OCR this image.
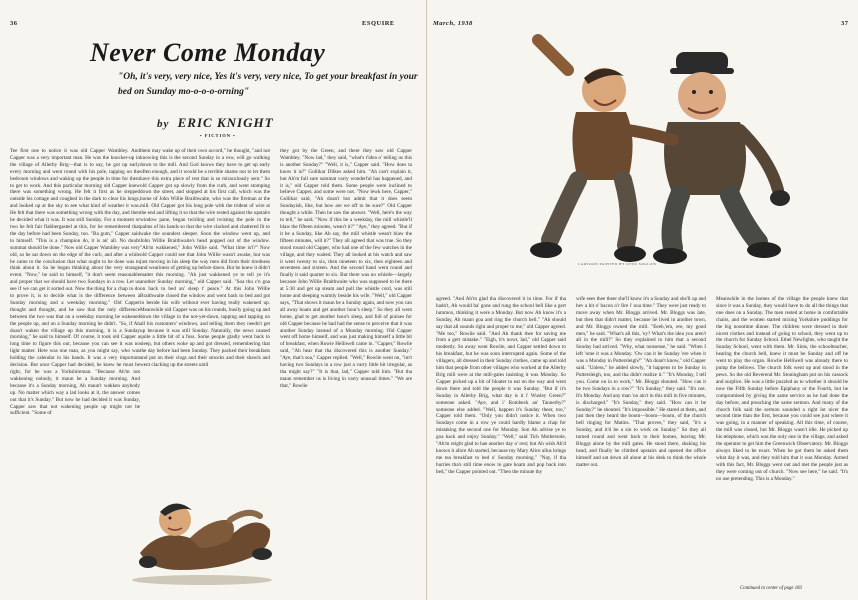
36	ESQUIRE
Never Come Monday
"Oh, it's very, very nice, Yes it's very, very nice, To get your breakfast in your bed on Sunday mo-o-o-o-orning"
by ERIC KNIGHT
• FICTION •
Tee first one to notice it was old Capper Wambley. And Capper was a very important man. He was the knocker-up in the village of Allerby Brig—that is to say, he got up early every morning and went round with his pole, tapping on the bedroom windows and waking up the people in time for them to get to work. And this particular morning old Capper knew there was something wrong. He felt it first as he stepped outside his cottage and coughed in the dark to clear his lungs, and looked up at the sky to see what kind of weather it was. He felt that there was something wrong with the day, and then he decided what it was. It was still Sunday. For a moment or two he felt fair flabbergasted at this, for he remembered that the day before had been Sunday, too. "Ba gum," Capper said to himself. "This is a champion do, it is an' all. No doubt summat should be done." Now old Capper Wambley was very old, so he sat down on the edge of the curb, and after a while he came to the conclusion that what ought to be done was to think about it. So he began thinking about the very strange event. "Now," he said to himself, "it don't seem reasonable and proper that we should have two Sundays in a row. Let us see if we can get it sorted out. Now the thing for a chap to do to prove it, is to decide what is the difference between a Sunday morning and a weekday morning." Old Capper thought and thought, and he saw that the only difference between the two was that on a weekday morning he wakened the people up, and on a Sunday morning he didn't. "So, if Ah doan't waken the village up this morning, it is a Sunday morning," he said to himself. Of course, it took old Capper a long time to figure this out, because you can see it was no light matter. Here was one man, as you might say, who was holding the calendar in his hands. It was a very important decision. But once Capper had decided, he knew he must be right, for he was a Yorkshireman. "Because Ah'm not wakkening nobody, it maun be a Sunday morning. And because it's a Sunday morning, Ah maun't wakken anybody up. No matter which way a lad looks at it, the answer comes out that it's Sunday." But now he had decided it was Sunday, Capper saw that not wakening people up might not be sufficient. "Some of
them may wake up of their own accord," he thought, "and not knowing this is the second Sunday in a row, will go walking down to the mill. And God knows they have to get up early often enough, and it would be a terrible shame not to let them have this extra piece of rest that is so miraculously sent." So old Capper got up slowly from the curb, and went stomping down the street, and stopped at his first call, which was the home of John Willie Braithwaite, who was the fireman at the mill. Old Capper got his long pole with the trident of wire at the end and lifting it so that the wire rested against the upstairs window pane, began twirling and twisting the pole in the palms of his hands so that the wire clacked and chattered fit to wake the soundest sleeper. Soon the window went up, and John Willie Braithwaite's head popped out of the window. "Ah'm wakkened," John Willie said. "What time is't?" Now old Capper could see that John Willie wasn't awake, but was just moving in his sleep the way men did from their tiredness and weariness of getting up before dawn. But he knew it didn't matter this morning. "Ah just wakkened ye to tell ye it's another Sunday morning," old Capper said. "Soa thu c'n goa on back to bed an' sleep t' peace." At this John Willie Braithwaite closed the window and went back to bed and got in beside his wife without ever having really wakened up. Meanwhile old Capper was on his rounds, busily going up and down the village in the not-yet-dawn, tapping and tapping on all his customers' windows, and telling them they needn't get up because it was still Sunday. Naturally, the news caused quite a little bit of a fuss. Some people gladly went back to sleep, but others woke up and got dressed, remembering that the day before had been Sunday. They packed their breakfasts and put on their clogs and their smocks and their shawls and went clacking up the streets until
they got by the Green, and there they saw old Capper Wambley. "Now lad," they said, "what's t'idea o' telling us this is another Sunday?" "Well, it is," Capper said. "How does ta know it is?" Gollikar Dilkes asked him. "Ah can't explain it, but Ah'm full sure summat varry wonderful has happened, and it is," old Capper told them. Some people were inclined to believe Capper, and some were not. "Now lewk here, Capper," Gollikar said, "Ah doan't but admit that it does seem Sundayish, like, but how are we off to be sure?" Old Capper thought a while. Then he saw the answer. "Well, here's the way to tell," he said. "Now if this be a weekday, the mill whistle'll blaw the fifteen minutes, wean't it?" "Aye," they agreed. "But if it be a Sunday, like Ah say, the mill whistle wean't blaw the fifteen minutes, will it?" They all agreed that was true. So they stood round old Capper, who had one of the few watches in the village, and they waited. They all looked at his watch and saw it went twenty to six, then nineteen to six, then eighteen and seventeen and sixteen. And the second hand went round and finally it said quarter to six. But there was no whistle—largely because John Willie Braithwaite who was supposed to be there at 5:30 and get up steam and pull the whistle cord, was still home and sleeping warmly beside his wife. "Well," old Capper says, "That shows it maun be a Sunday again, and now you can all away hoam and get another hour's sleep." So they all went home, glad to get another hour's sleep, and full of praises for old Capper because he had had the sense to perceive that it was another Sunday instead of a Monday morning. Old Capper went off home himself, and was just making himself a little bit of breakfast, when Rowie Helliwell came in. "Capper," Rowlie said, "Ah hear that tha discovered this is another Sunday." "Aye, that's soa," Capper replied. "Well," Rowlie went on, "im't having two Sundays in a row just a varry little bit irregular, as tha might say?" "It is that, lad," Capper told him. "But tha maun remember us is living in varry unusual times." "We are that," Rowlie
March, 1938	37
CARTOON PAINTED BY OTTO SOGLOW
agreed. "And Ah'm glad tha discovered it in time. For if tha hadn't, Ah would ha' gone and rung the school bell like a gert lummox, thinking it were a Monday. But now Ah know it's a Sunday, Ah maun goa and ring the church bell." "Ah should say that all sounds right and proper to me," old Capper agreed. "Me too," Rowlie said. "And Ah thank thee for saving me from a gert mistake." "Eigh, it's nowt, lad," old Capper said modestly. So away went Rowlie, and Capper settled down to his breakfast, but he was soon interrupted again. Some of the villagers, all dressed in their Sunday clothes, came up and told him that people from other villages who worked at the Allerby Brig mill were at the mill-gates insisting it was Monday. So Capper picked up a bit of bloater to eat on the way and went down there and told the people it was Sunday. "But if it's Sunday in Allerby Brig, what day is it i' Wusley Green?" someone asked. "Aye, and i' Rombeck an' Tannerby?" someone else added. "Well, happen it's Sunday theer, too," Capper told them. "Only you didn't notice it. When two Sundays come in a row ye could hardly blame a chap for mistaking the second one for Monday. Son Ah advise ye to goa back and enjoy Sunday." "Well," said Tich Mothersole, "Ah'm reight glad to hae another day o' rest; but Ah wish Ah'd known it afore Ah started, because my Mary Alice allus brings me tea breakfast to bed o' Sunday morning." "Nay, if tha hurries tha's still time enow to gate hoam and pop back into bed," the Capper pointed out. "Then the minute thy
wife sees thee theer she'll know it's a Sunday and she'll up and hev a bit o' bacon o'r fire i' noa time." They were just ready to move away when Mr. Bloggs arrived. Mr. Bloggs was late, but then that didn't matter, because he lived in another town, and Mr. Bloggs owned the mill. "Eeeh,'em, ere, my good men," he said. "What's all this, 'ey? What's the idea you aren't all in the mill?" So they explained to him that a second Sunday had arrived. "Why, what nonsense," he said. "When I left 'ome it was a Monday. 'Ow can it be Sunday 'ere when it was a Monday in Puttersleigh?" "Ah doan't know," old Capper said. "Unless," he added slowly, "it happens to be Sunday in Puttersleigh, too, and tha didn't realize it." "It's Monday, I tell you. Come on in to work," Mr. Bloggs shouted. "How can it be two Sundays in a row?" "It's Sunday," they said. "It's not. It's Monday. And any man 'oo ain't in this mill in five minutes, is discharged." "It's Sunday," they said. "How can it be Sunday?" he shouted. "It's impossible." He stared at them, and just then they heard the boom—boom—boom, of the church bell ringing for Matins. "That proves," they said, "it's a Sunday, and it'd be a sin to work on Sunday." So they all turned round and went back to their homes, leaving Mr. Bloggs alone by the mill gates. He stood there, shaking his head, and finally he climbed upstairs and opened the office himself and sat down all alone at his desk to think the whole matter out.
Meanwhile in the homes of the village the people knew that since it was a Sunday, they would have to do all the things that one does on a Sunday. The men rested at home in comfortable chairs, and the women started mixing Yorkshire puddings for the big noontime dinner. The children were dressed in their nicest clothes and instead of going to school, they went up to the church for Sunday School. Ethel Newlights, who taught the Sunday School, went with them. Mr. Sims, the schoolteacher, hearing the church bell, knew it must be Sunday and off he went to play the organ. Rowlie Helliwell was already there to pump the bellows. The church folk went up and stood in the pews. So the old Reverend Mr. Stoningham put on his cassock and surplice. He was a little puzzled as to whether it should be now the Fifth Sunday before Epiphany or the Fourth, but he compromised by giving the same service as he had done the day before, and preaching the same sermon. And many of the church folk said the sermon sounded a right lot nicer the second time than the first, because you could see just where it was going, in a manner of speaking. All this time, of course, the mill was closed, but Mr. Bloggs wasn't idle. He picked up his telephone, which was the only one in the village, and asked the operator to get him the Greenwich Observatory. Mr. Bloggs always liked to be exact. When he got them he asked them what day it was, and they told him that it was Monday. Armed with this fact, Mr. Bloggs went out and met the people just as they were coming out of church. "Now see here," he said. "It's no use pretending. This is a Monday."
Continued in center of page 183
